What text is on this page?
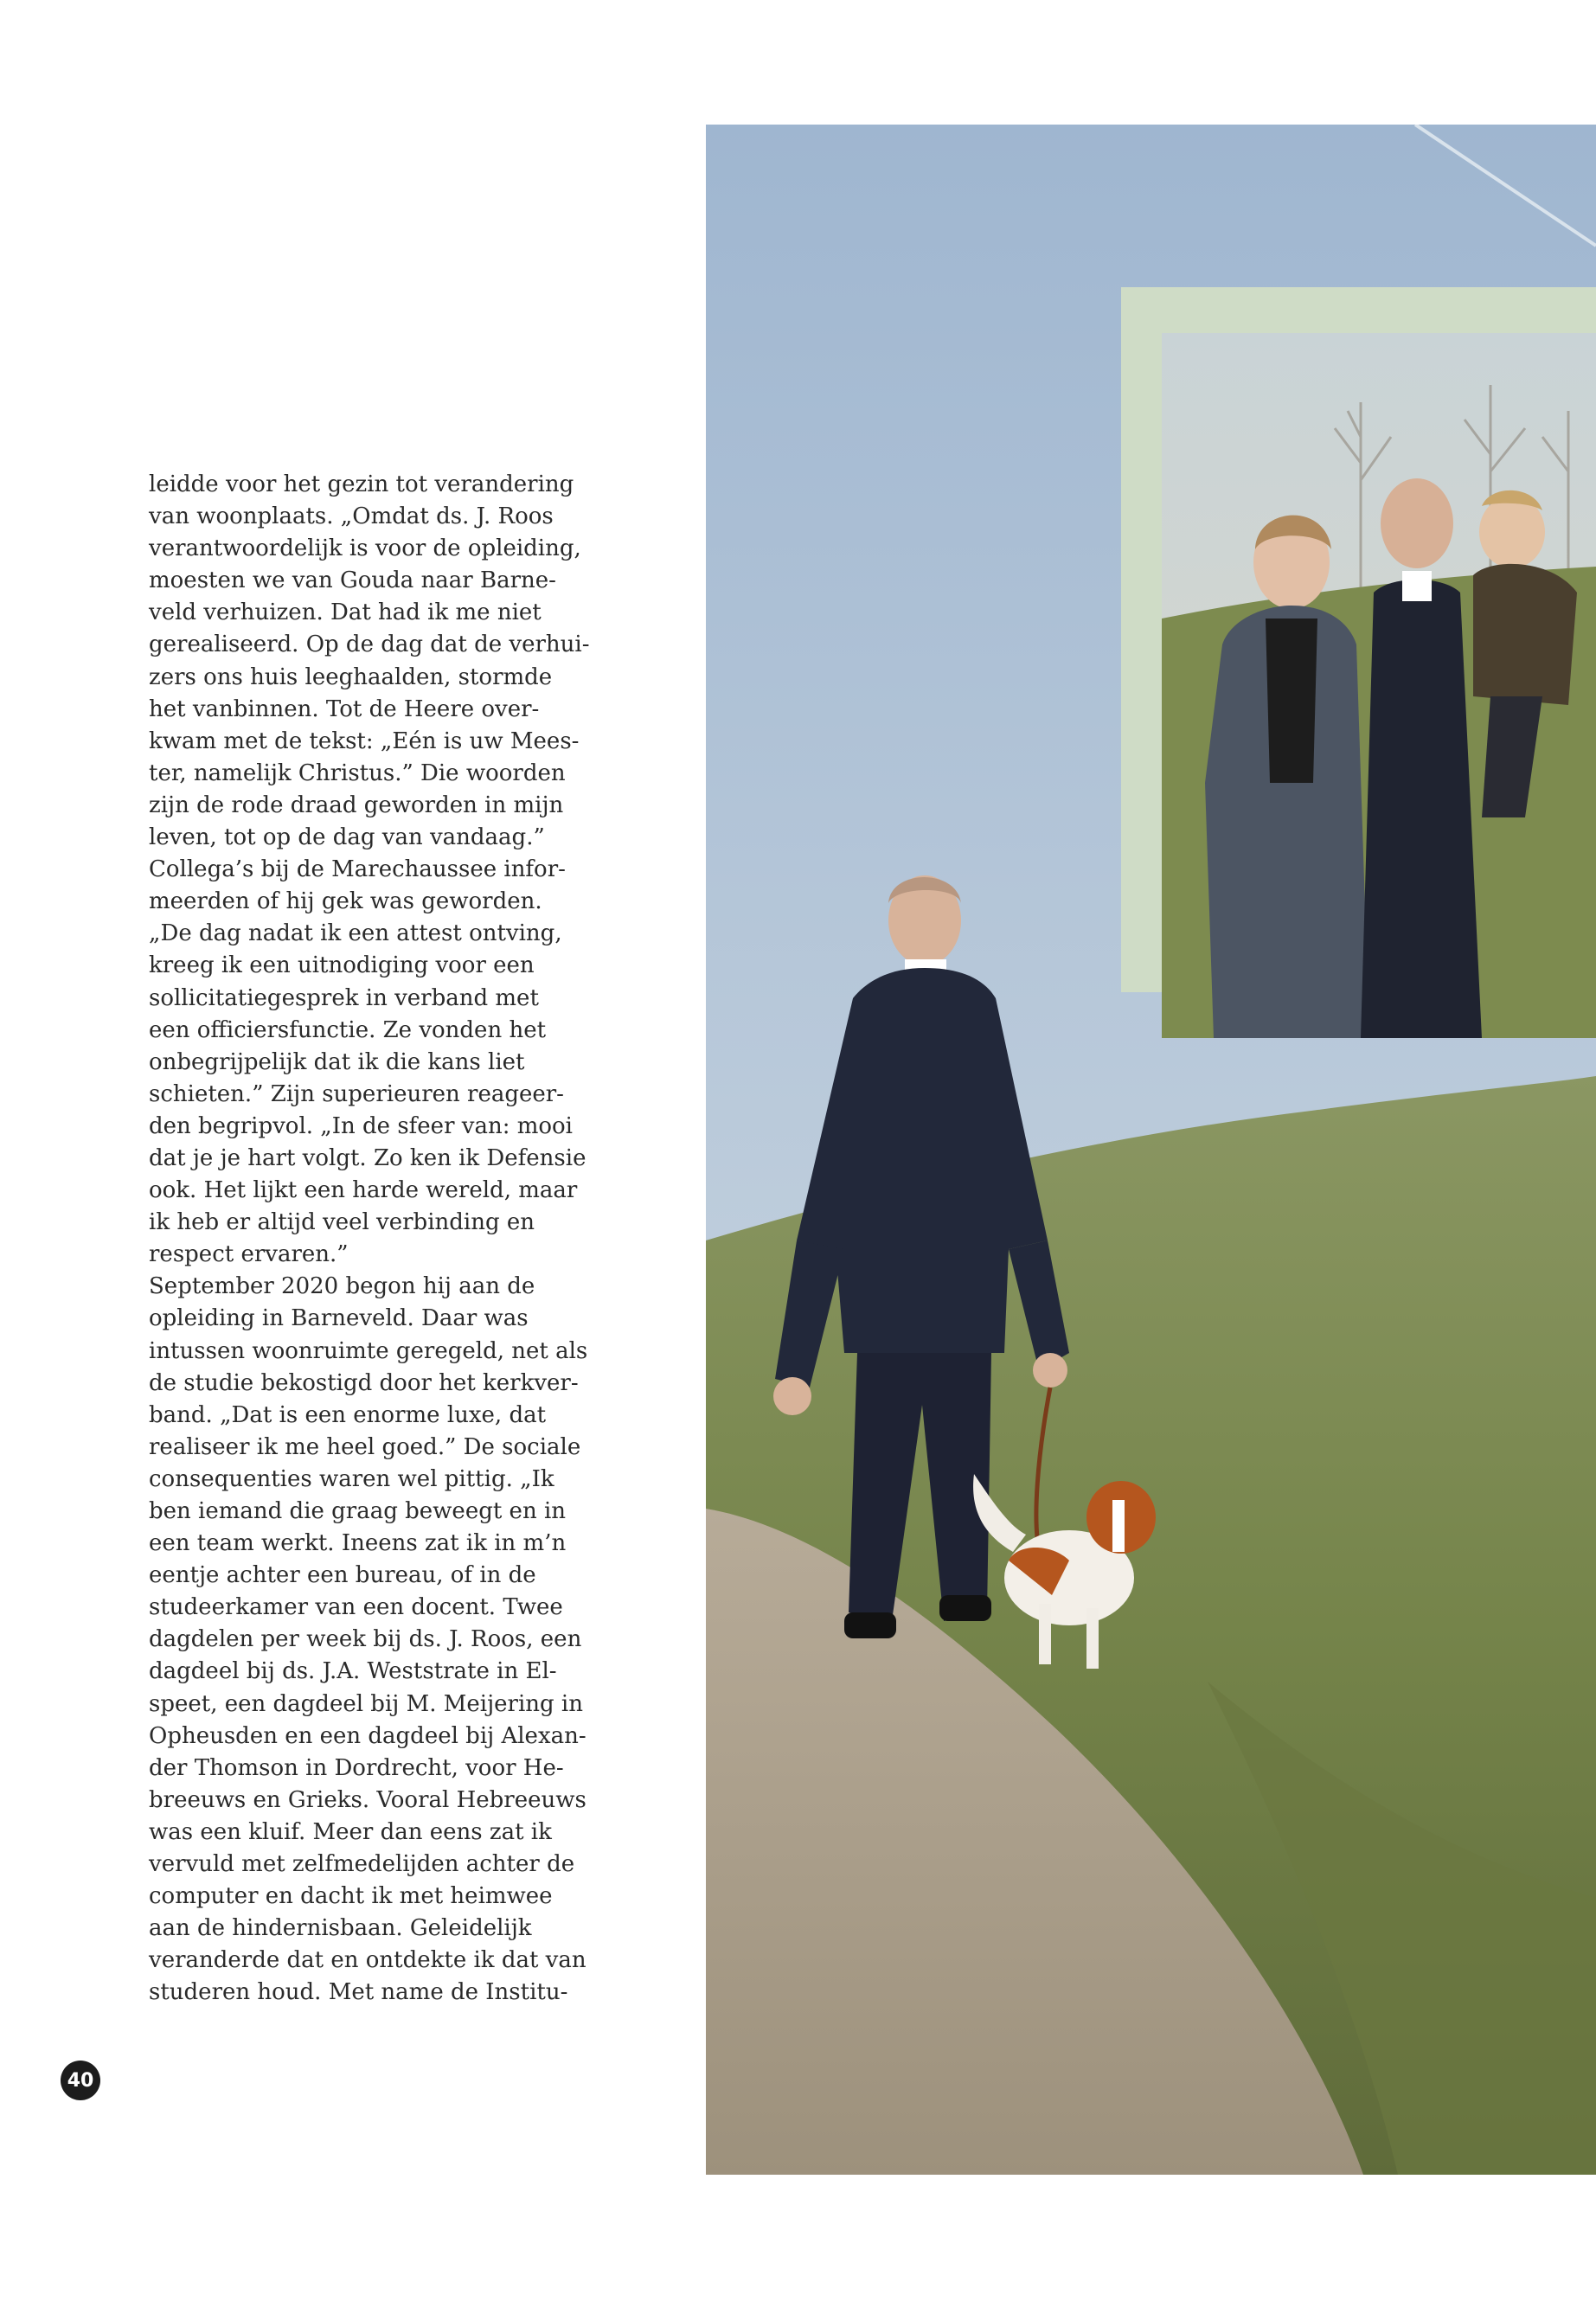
leidde voor het gezin tot verandering
van woonplaats. „Omdat ds. J. Roos
verantwoordelijk is voor de opleiding,
moesten we van Gouda naar Barne-
veld verhuizen. Dat had ik me niet
gerealiseerd. Op de dag dat de verhui-
zers ons huis leeghaalden, stormde
het vanbinnen. Tot de Heere over-
kwam met de tekst: „Eén is uw Mees-
ter, namelijk Christus.” Die woorden
zijn de rode draad geworden in mijn
leven, tot op de dag van vandaag.”
Collega’s bij de Marechaussee infor-
meerden of hij gek was geworden.
„De dag nadat ik een attest ontving,
kreeg ik een uitnodiging voor een
sollicitatiegesprek in verband met
een officiersfunctie. Ze vonden het
onbegrijpelijk dat ik die kans liet
schieten.” Zijn superieuren reageer-
den begripvol. „In de sfeer van: mooi
dat je je hart volgt. Zo ken ik Defensie
ook. Het lijkt een harde wereld, maar
ik heb er altijd veel verbinding en
respect ervaren.”
September 2020 begon hij aan de
opleiding in Barneveld. Daar was
intussen woonruimte geregeld, net als
de studie bekostigd door het kerkver-
band. „Dat is een enorme luxe, dat
realiseer ik me heel goed.” De sociale
consequenties waren wel pittig. „Ik
ben iemand die graag beweegt en in
een team werkt. Ineens zat ik in m’n
eentje achter een bureau, of in de
studeerkamer van een docent. Twee
dagdelen per week bij ds. J. Roos, een
dagdeel bij ds. J.A. Weststrate in El-
speet, een dagdeel bij M. Meijering in
Opheusden en een dagdeel bij Alexan-
der Thomson in Dordrecht, voor He-
breeuws en Grieks. Vooral Hebreeuws
was een kluif. Meer dan eens zat ik
vervuld met zelfmedelijden achter de
computer en dacht ik met heimwee
aan de hindernisbaan. Geleidelijk
veranderde dat en ontdekte ik dat van
studeren houd. Met name de Institu-
40
